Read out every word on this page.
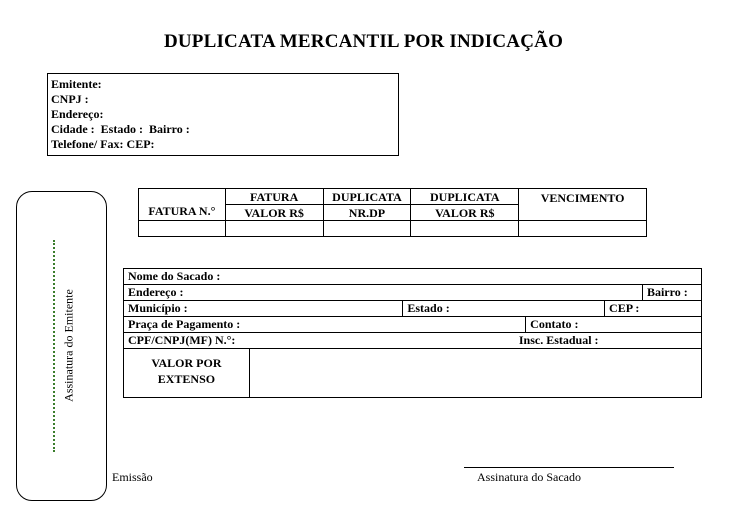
DUPLICATA MERCANTIL POR INDICAÇÃO
Emitente:
CNPJ :
Endereço:
Cidade :  Estado :  Bairro :
Telefone/ Fax: CEP:
Assinatura do Emitente
FATURA N.°	FATURA	DUPLICATA	DUPLICATA	VENCIMENTO
	VALOR R$	NR.DP	VALOR R$	

Nome do Sacado :					
Endereço :					Bairro :
Município :		Estado :		CEP :	
Praça de Pagamento :			Contato :		
CPF/CNPJ(MF) N.°:		Insc. Estadual :			

VALOR POR
EXTENSO					

Emissão	Assinatura do Sacado
